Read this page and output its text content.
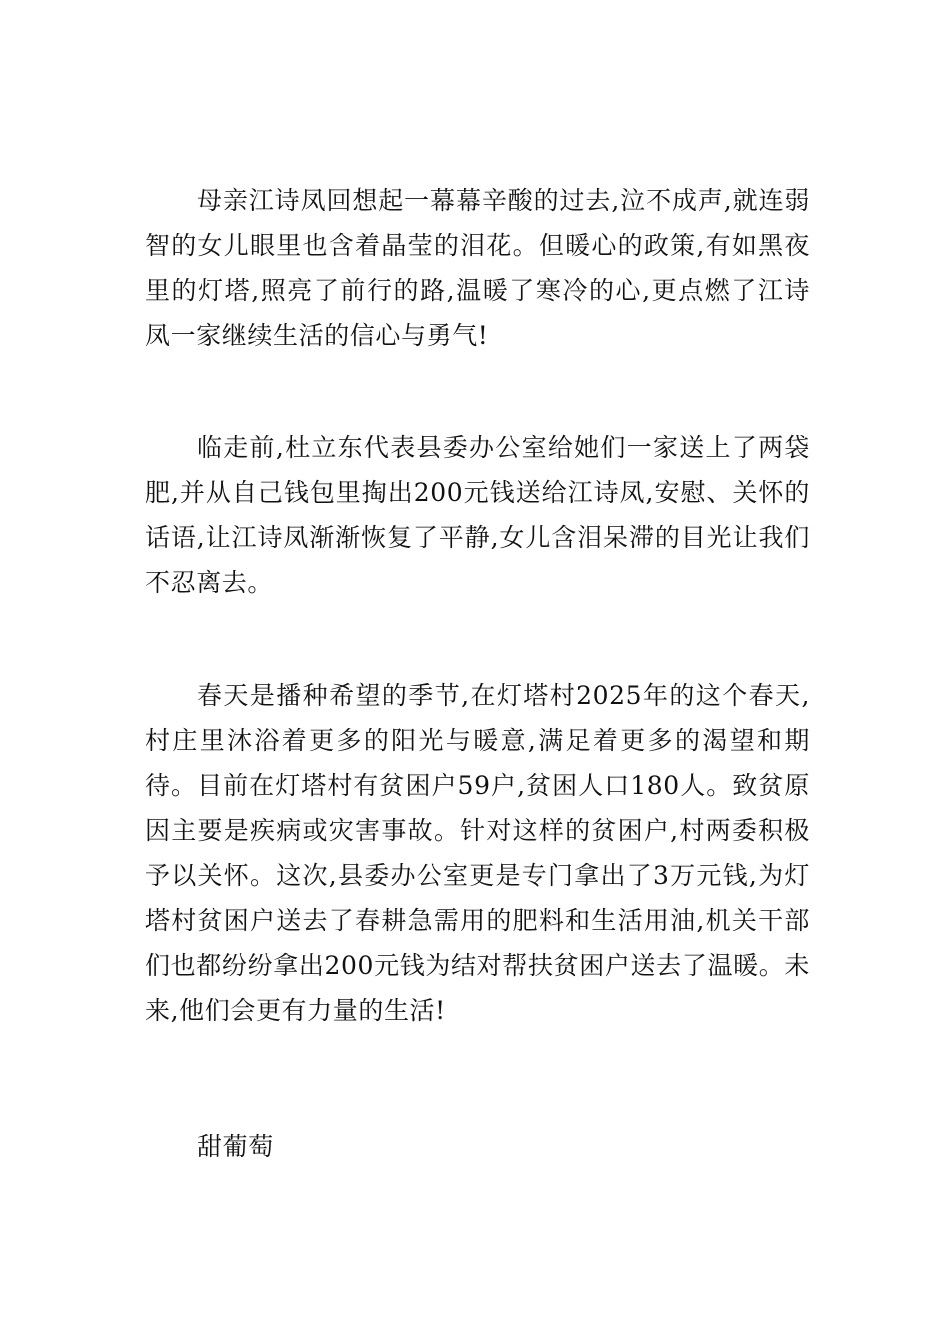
母亲江诗凤回想起一幕幕辛酸的过去,泣不成声,就连弱智的女儿眼里也含着晶莹的泪花。但暖心的政策,有如黑夜里的灯塔,照亮了前行的路,温暖了寒冷的心,更点燃了江诗凤一家继续生活的信心与勇气!

临走前,杜立东代表县委办公室给她们一家送上了两袋肥,并从自己钱包里掏出200元钱送给江诗凤,安慰、关怀的话语,让江诗凤渐渐恢复了平静,女儿含泪呆滞的目光让我们不忍离去。

春天是播种希望的季节,在灯塔村2025年的这个春天,村庄里沐浴着更多的阳光与暖意,满足着更多的渴望和期待。目前在灯塔村有贫困户59户,贫困人口180人。致贫原因主要是疾病或灾害事故。针对这样的贫困户,村两委积极予以关怀。这次,县委办公室更是专门拿出了3万元钱,为灯塔村贫困户送去了春耕急需用的肥料和生活用油,机关干部们也都纷纷拿出200元钱为结对帮扶贫困户送去了温暖。未来,他们会更有力量的生活!

甜葡萄
